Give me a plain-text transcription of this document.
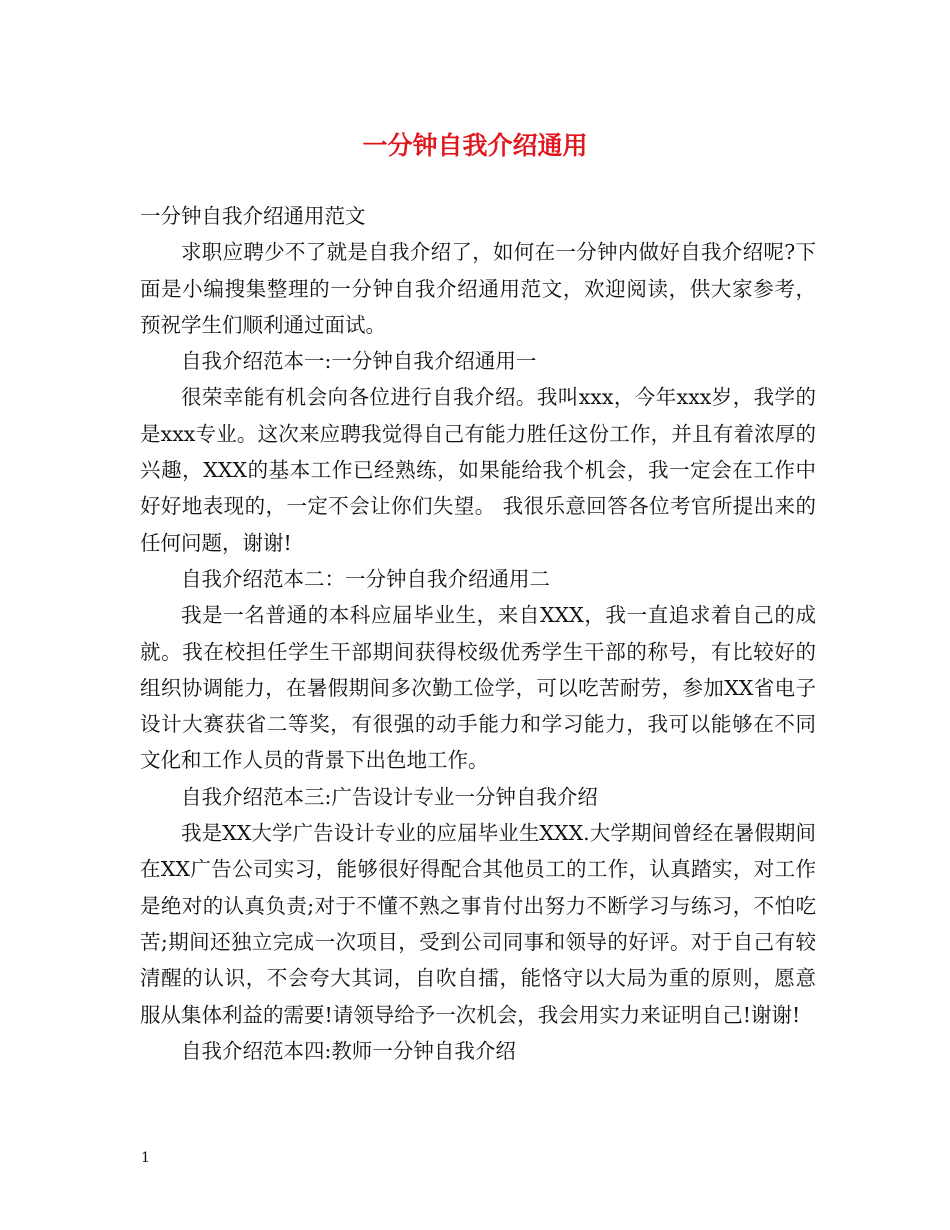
一分钟自我介绍通用

一分钟自我介绍通用范文

求职应聘少不了就是自我介绍了，如何在一分钟内做好自我介绍呢?下面是小编搜集整理的一分钟自我介绍通用范文，欢迎阅读，供大家参考，预祝学生们顺利通过面试。

自我介绍范本一:一分钟自我介绍通用一

很荣幸能有机会向各位进行自我介绍。我叫xxx，今年xxx岁，我学的是xxx专业。这次来应聘我觉得自己有能力胜任这份工作，并且有着浓厚的兴趣，XXX的基本工作已经熟练，如果能给我个机会，我一定会在工作中好好地表现的，一定不会让你们失望。 我很乐意回答各位考官所提出来的任何问题，谢谢!

自我介绍范本二：一分钟自我介绍通用二

我是一名普通的本科应届毕业生，来自XXX，我一直追求着自己的成就。我在校担任学生干部期间获得校级优秀学生干部的称号，有比较好的组织协调能力，在暑假期间多次勤工俭学，可以吃苦耐劳，参加XX省电子设计大赛获省二等奖，有很强的动手能力和学习能力，我可以能够在不同文化和工作人员的背景下出色地工作。

自我介绍范本三:广告设计专业一分钟自我介绍

我是XX大学广告设计专业的应届毕业生XXX.大学期间曾经在暑假期间在XX广告公司实习，能够很好得配合其他员工的工作，认真踏实，对工作是绝对的认真负责;对于不懂不熟之事肯付出努力不断学习与练习，不怕吃苦;期间还独立完成一次项目，受到公司同事和领导的好评。对于自己有较清醒的认识，不会夸大其词，自吹自擂，能恪守以大局为重的原则，愿意服从集体利益的需要!请领导给予一次机会，我会用实力来证明自己!谢谢!

自我介绍范本四:教师一分钟自我介绍

1
